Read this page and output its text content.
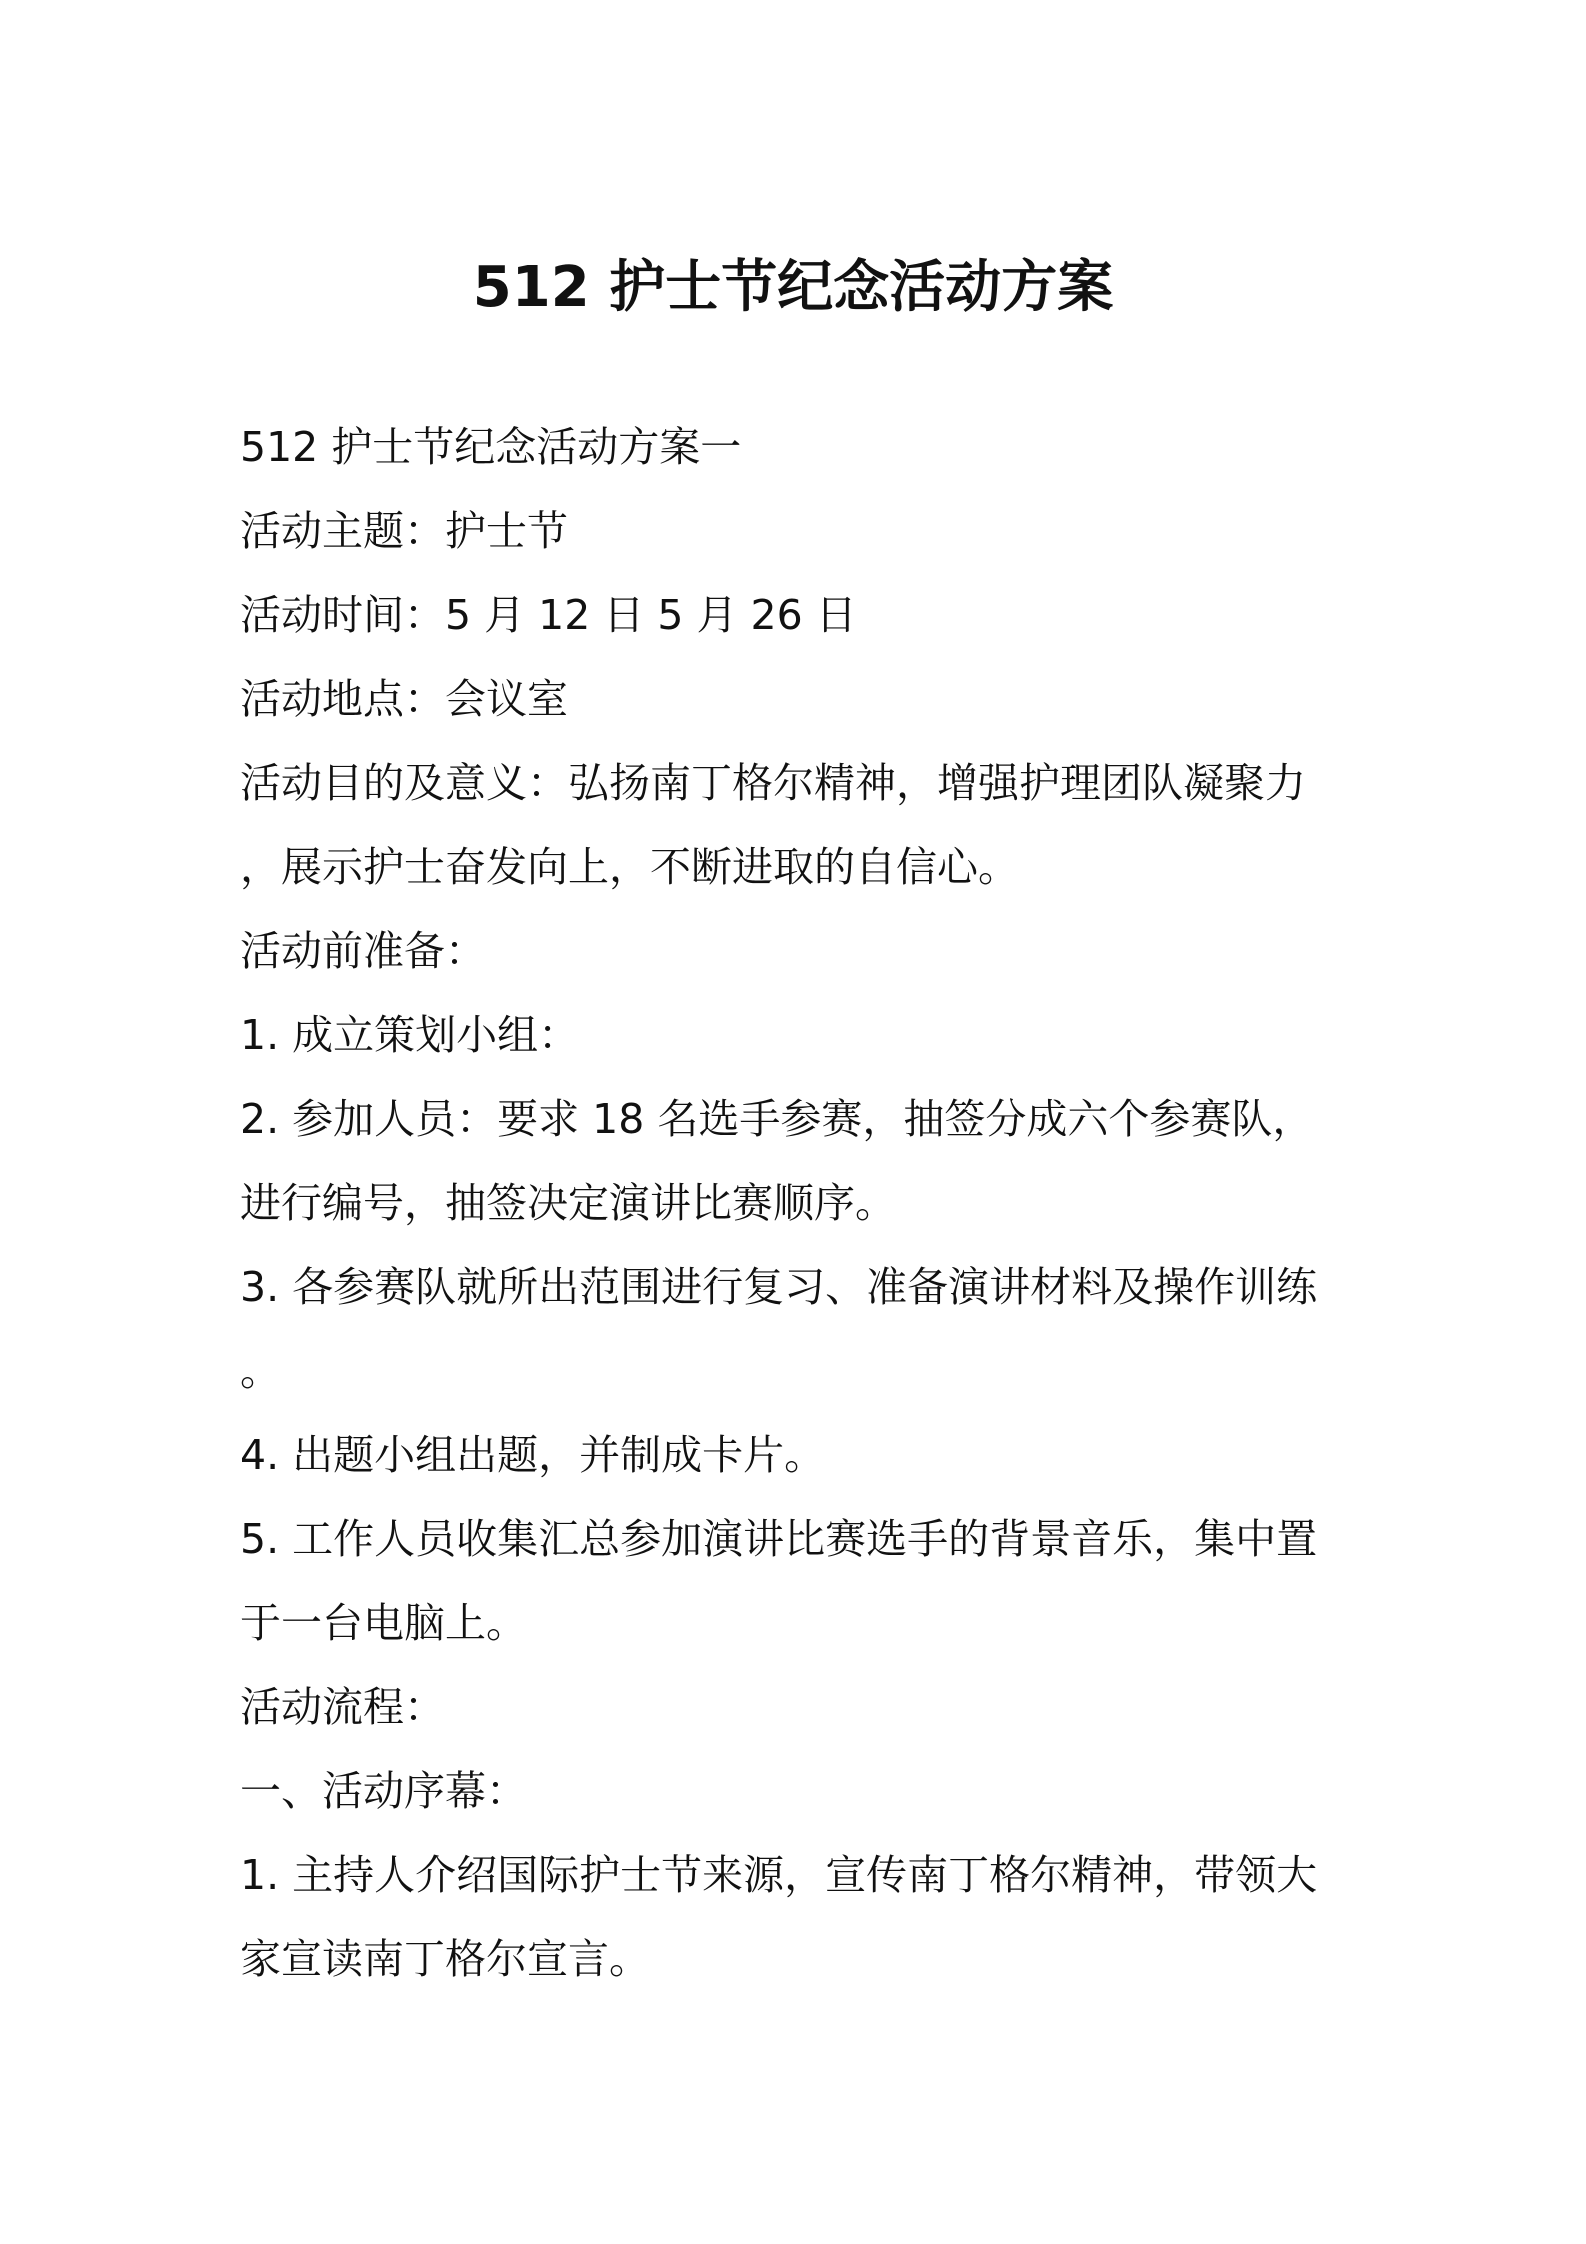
512 护士节纪念活动方案

512 护士节纪念活动方案一

活动主题：护士节

活动时间：5 月 12 日 5 月 26 日

活动地点：会议室

活动目的及意义：弘扬南丁格尔精神，增强护理团队凝聚力

，展示护士奋发向上，不断进取的自信心。

活动前准备：

1. 成立策划小组：

2. 参加人员：要求 18 名选手参赛，抽签分成六个参赛队，

进行编号，抽签决定演讲比赛顺序。

3. 各参赛队就所出范围进行复习、准备演讲材料及操作训练

。

4. 出题小组出题，并制成卡片。

5. 工作人员收集汇总参加演讲比赛选手的背景音乐，集中置

于一台电脑上。

活动流程：

一、活动序幕：

1. 主持人介绍国际护士节来源，宣传南丁格尔精神，带领大

家宣读南丁格尔宣言。
